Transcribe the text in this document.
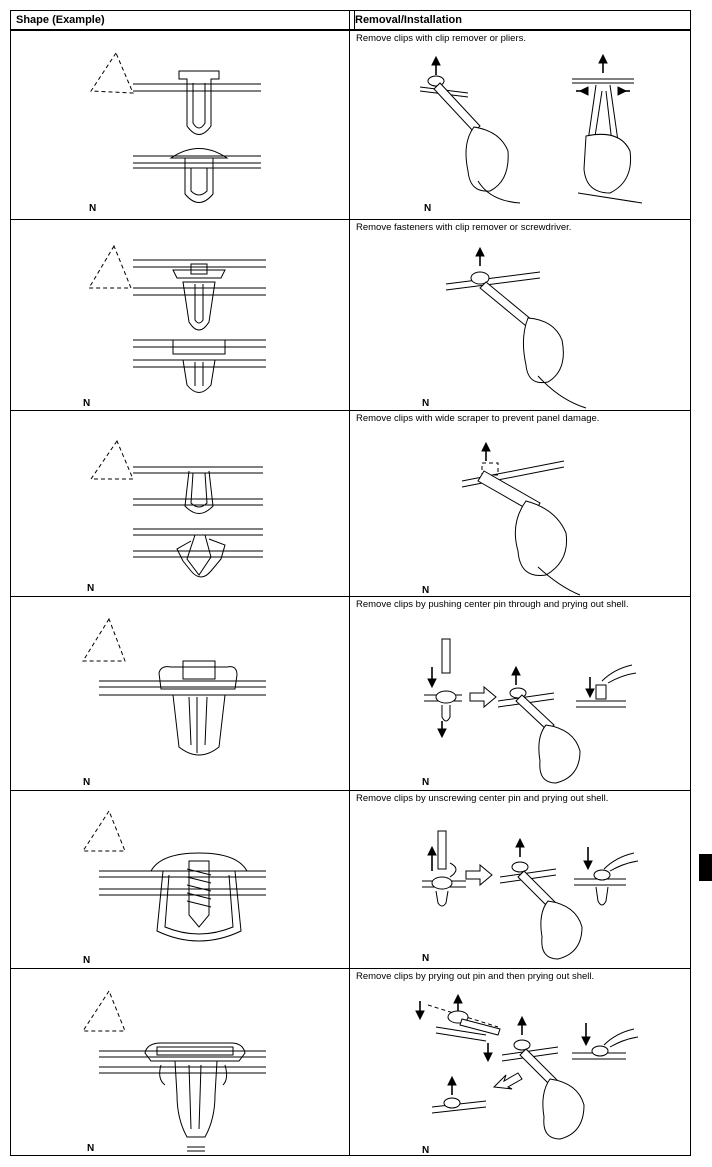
Shape (Example)	Removal/Installation
N
Remove clips with clip remover or pliers.
N
N
Remove fasteners with clip remover or screwdriver.
N
N
Remove clips with wide scraper to prevent panel damage.
N
N
Remove clips by pushing center pin through and prying out shell.
N
N
Remove clips by unscrewing center pin and prying out shell.
N
N
Remove clips by prying out pin and then prying out shell.
N
